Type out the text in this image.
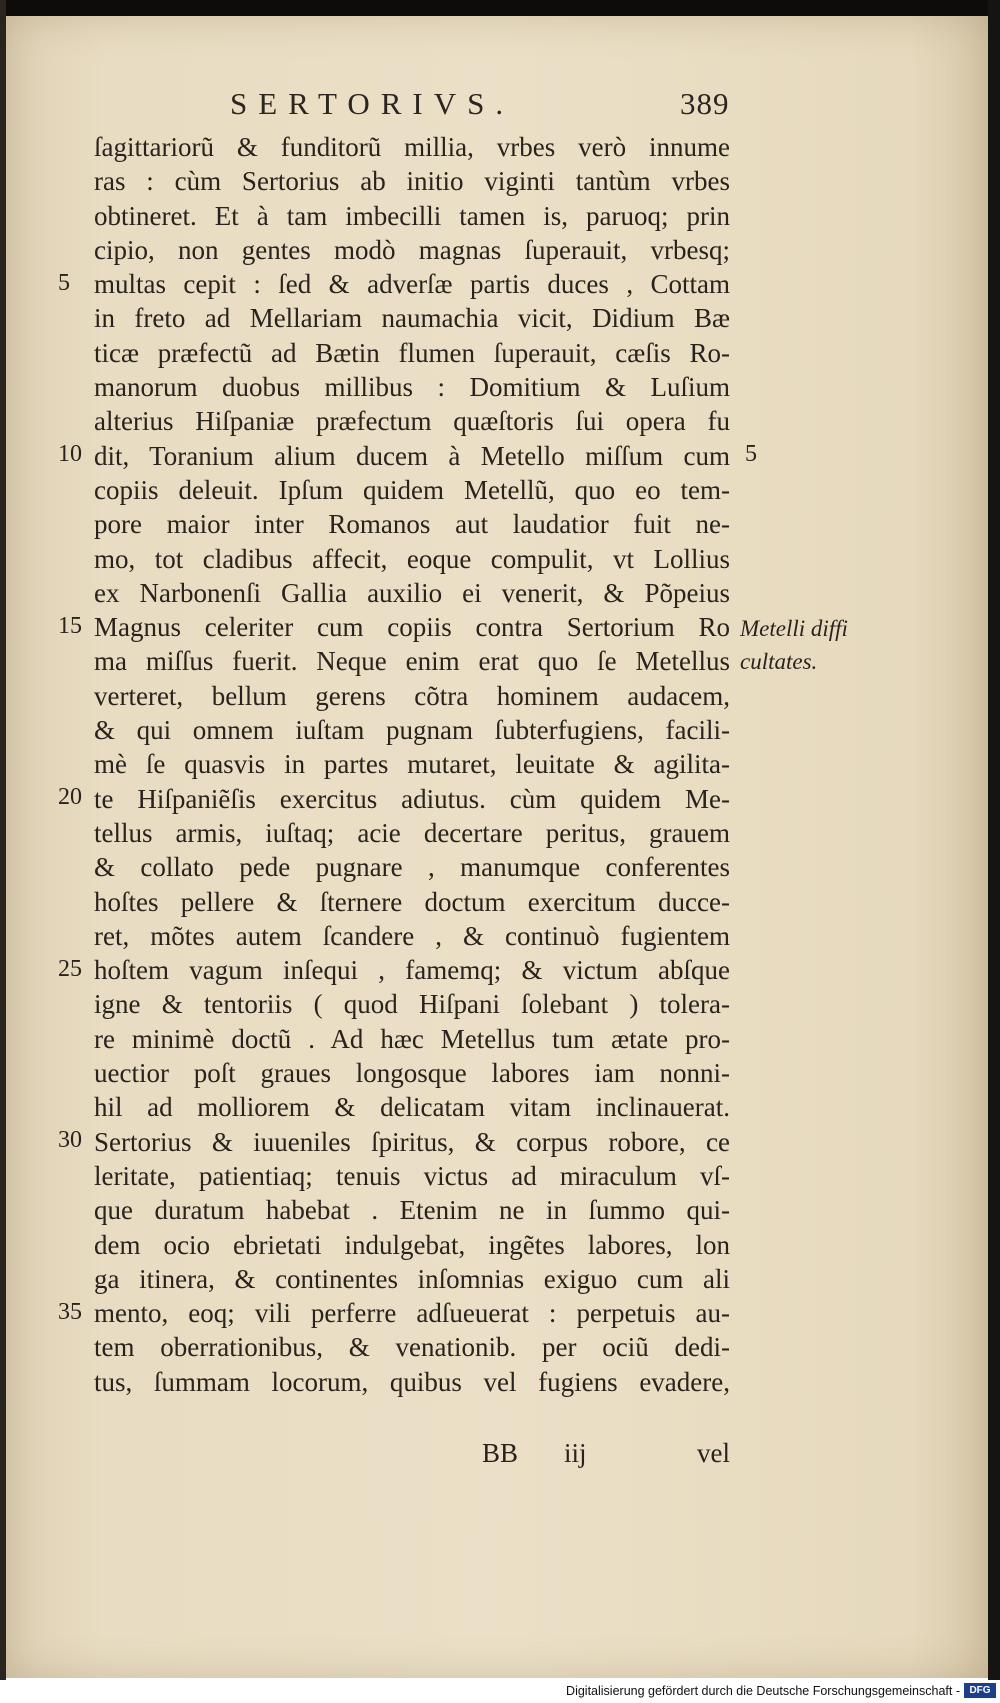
SERTORIVS.	389
ſagittariorũ & funditorũ millia, vrbes verò innume
ras : cùm Sertorius ab initio viginti tantùm vrbes
obtineret. Et à tam imbecilli tamen is, paruoq; prin
cipio, non gentes modò magnas ſuperauit, vrbesq;
multas cepit : ſed & adverſæ partis duces , Cottam
in freto ad Mellariam naumachia vicit, Didium Bæ
ticæ præfectũ ad Bætin flumen ſuperauit, cæſis Ro-
manorum duobus millibus : Domitium & Luſium
alterius Hiſpaniæ præfectum quæſtoris ſui opera fu
dit, Toranium alium ducem à Metello miſſum cum
copiis deleuit. Ipſum quidem Metellũ, quo eo tem-
pore maior inter Romanos aut laudatior fuit ne-
mo, tot cladibus affecit, eoque compulit, vt Lollius
ex Narbonenſi Gallia auxilio ei venerit, & Põpeius
Magnus celeriter cum copiis contra Sertorium Ro
ma miſſus fuerit. Neque enim erat quo ſe Metellus
verteret, bellum gerens cõtra hominem audacem,
& qui omnem iuſtam pugnam ſubterfugiens, facili-
mè ſe quasvis in partes mutaret, leuitate & agilita-
te Hiſpaniẽſis exercitus adiutus. cùm quidem Me-
tellus armis, iuſtaq; acie decertare peritus, grauem
& collato pede pugnare , manumque conferentes
hoſtes pellere & ſternere doctum exercitum ducce-
ret, mõtes autem ſcandere , & continuò fugientem
hoſtem vagum inſequi , famemq; & victum abſque
igne & tentoriis ( quod Hiſpani ſolebant ) tolera-
re minimè doctũ . Ad hæc Metellus tum ætate pro-
uectior poſt graues longosque labores iam nonni-
hil ad molliorem & delicatam vitam inclinauerat.
Sertorius & iuueniles ſpiritus, & corpus robore, ce
leritate, patientiaq; tenuis victus ad miraculum vſ-
que duratum habebat . Etenim ne in ſummo qui-
dem ocio ebrietati indulgebat, ingẽtes labores, lon
ga itinera, & continentes inſomnias exiguo cum ali
mento, eoq; vili perferre adſueuerat : perpetuis au-
tem oberrationibus, & venationib. per ociũ dedi-
tus, ſummam locorum, quibus vel fugiens evadere,
5
10
15
20
25
30
35
5
Metelli diffi
cultates.
BB iij	vel
Digitalisierung gefördert durch die Deutsche Forschungsgemeinschaft - DFG
